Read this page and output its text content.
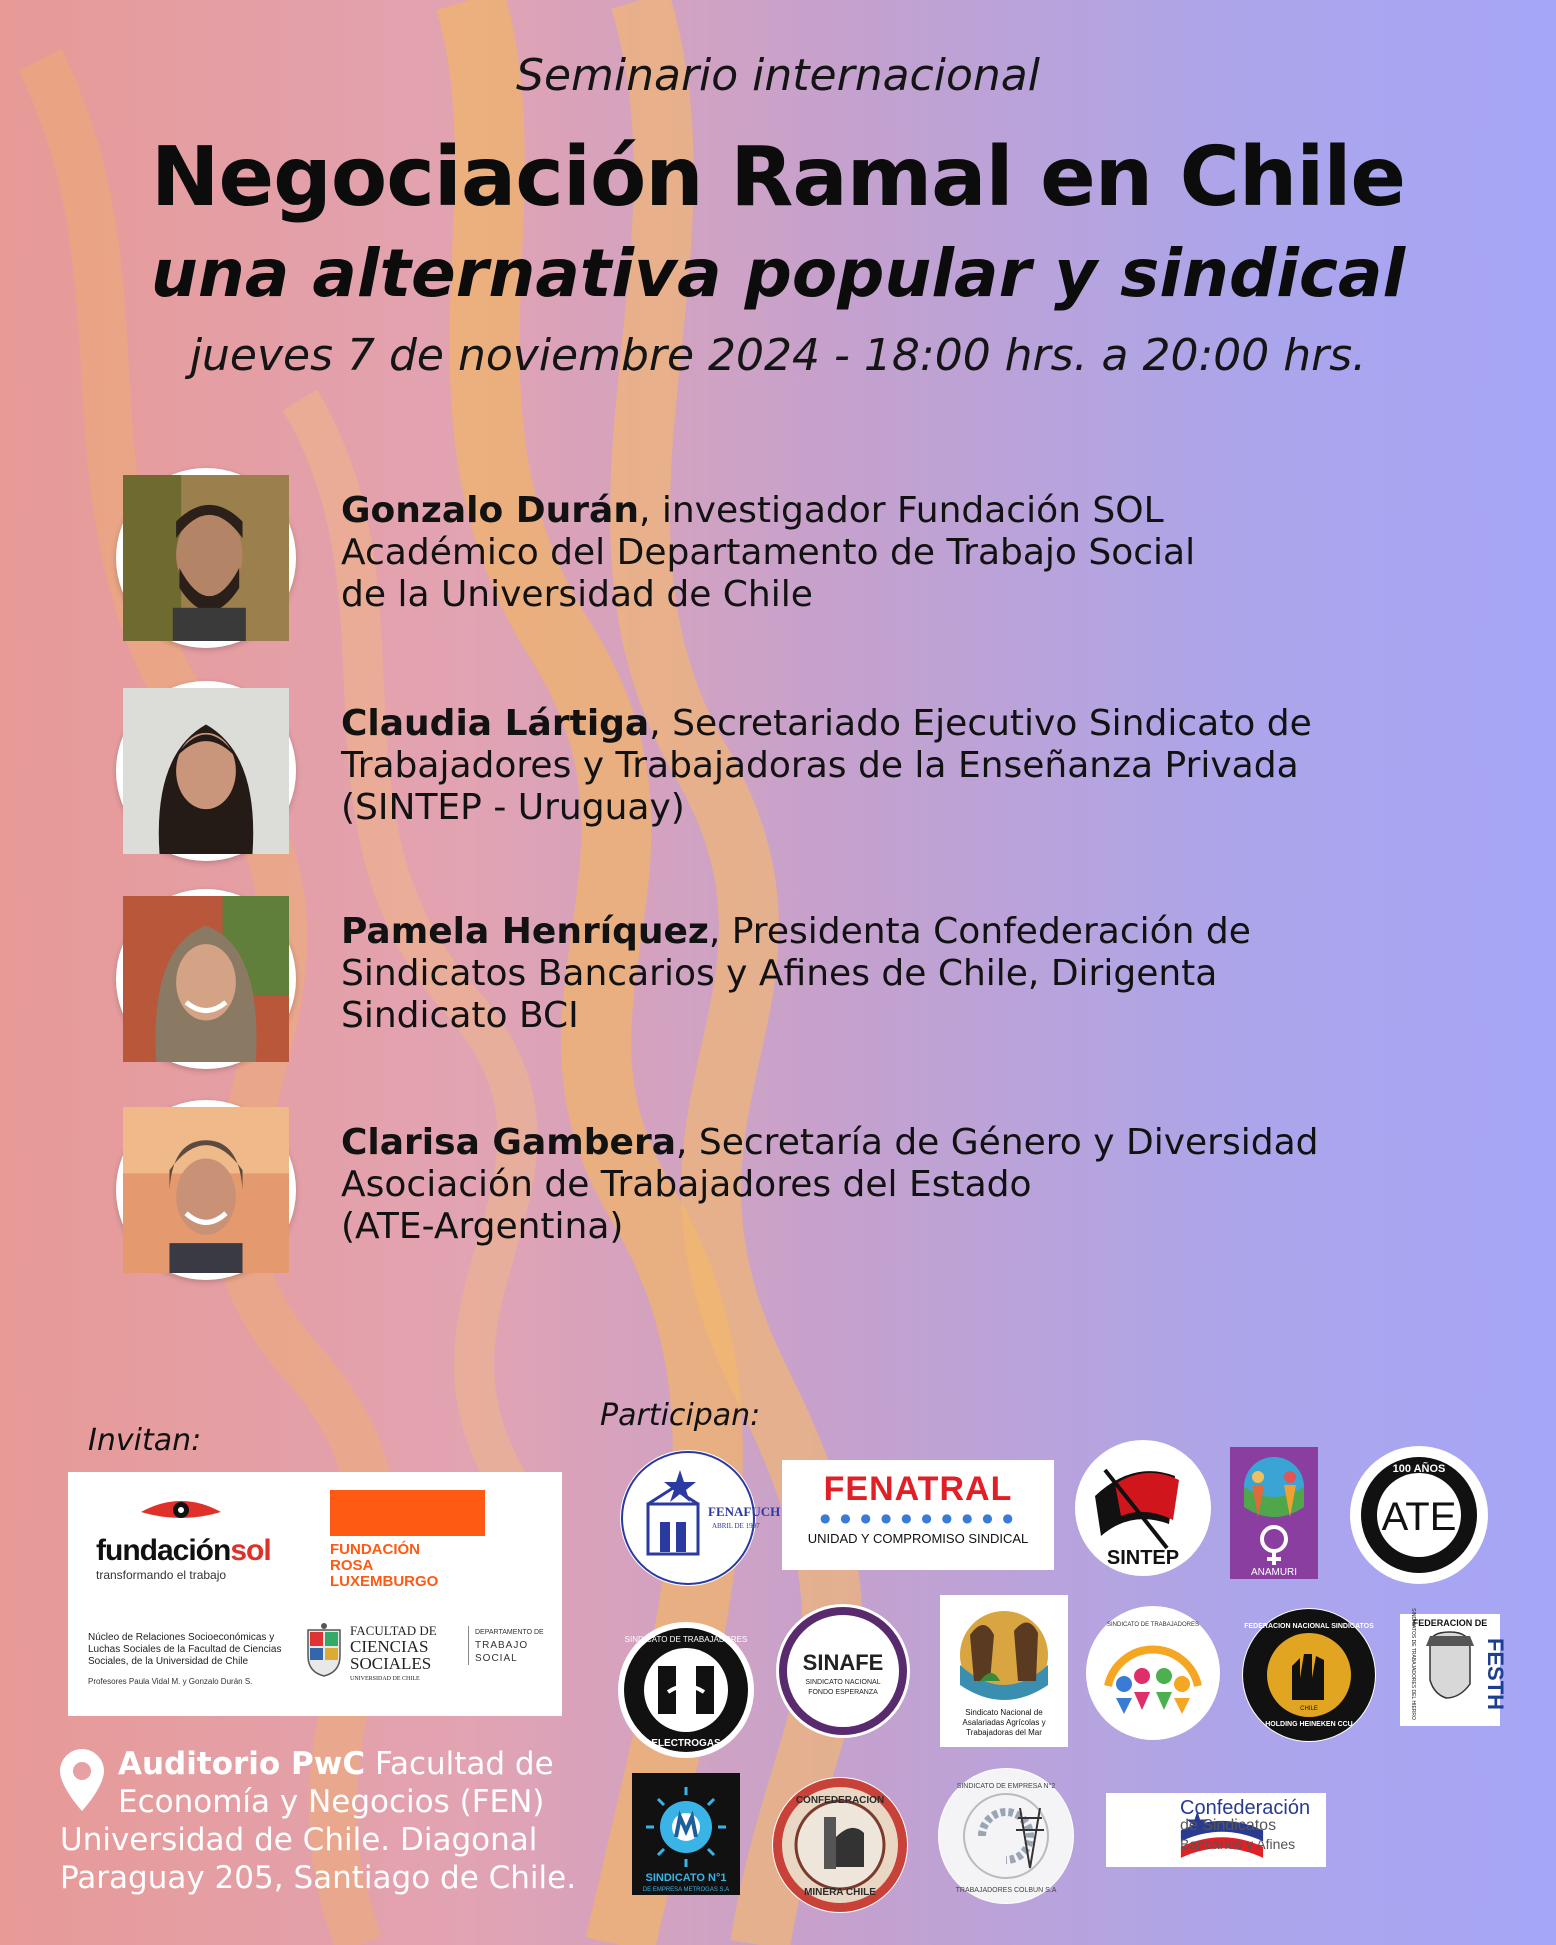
Seminario internacional
Negociación Ramal en Chile
una alternativa popular y sindical
jueves 7 de noviembre 2024 - 18:00 hrs. a 20:00 hrs.
Gonzalo Durán, investigador Fundación SOL
Académico del Departamento de Trabajo Social
de la Universidad de Chile
Claudia Lártiga, Secretariado Ejecutivo Sindicato de
Trabajadores y Trabajadoras de la Enseñanza Privada
(SINTEP - Uruguay)
Pamela Henríquez, Presidenta Confederación de
Sindicatos Bancarios y Afines de Chile, Dirigenta
Sindicato BCI
Clarisa Gambera, Secretaría de Género y Diversidad
Asociación de Trabajadores del Estado
(ATE-Argentina)
Invitan:
fundaciónsol
transformando el trabajo
FUNDACIÓN
ROSA
LUXEMBURGO
Núcleo de Relaciones Socioeconómicas y Luchas Sociales de la Facultad de Ciencias Sociales, de la Universidad de Chile
Profesores Paula Vidal M. y Gonzalo Durán S.
FACULTAD DE
CIENCIAS
SOCIALES
UNIVERSIDAD DE CHILE
DEPARTAMENTO DE
TRABAJO
SOCIAL
Auditorio PwC Facultad de
Economía y Negocios (FEN)
Universidad de Chile. Diagonal
Paraguay 205, Santiago de Chile.
Participan:
FENAFUCH
ABRIL DE 1997
FENATRAL
● ● ● ● ● ● ● ● ● ●
UNIDAD Y COMPROMISO SINDICAL
SINTEP
ANAMURI
100 AÑOS
ATE
SINDICATO DE TRABAJADORES
ELECTROGAS
SINAFE
SINDICATO NACIONAL
FONDO ESPERANZA
Sindicato Nacional de
Asalariadas Agrícolas y
Trabajadoras del Mar
SINDICATO DE TRABAJADORES	FEDERACION NACIONAL SINDICATOS
HOLDING HEINEKEN CCU
CHILE
FEDERACION DE
SINDICATOS DE TRABAJADORES DEL HIERRO	FESTH
SINDICATO N°1
DE EMPRESA METROGAS S.A
CONFEDERACION
MINERA CHILE
SINDICATO DE EMPRESA N°2
TRABAJADORES COLBUN S.A
Confederación
de Sindicatos
Bancarios y Afines
